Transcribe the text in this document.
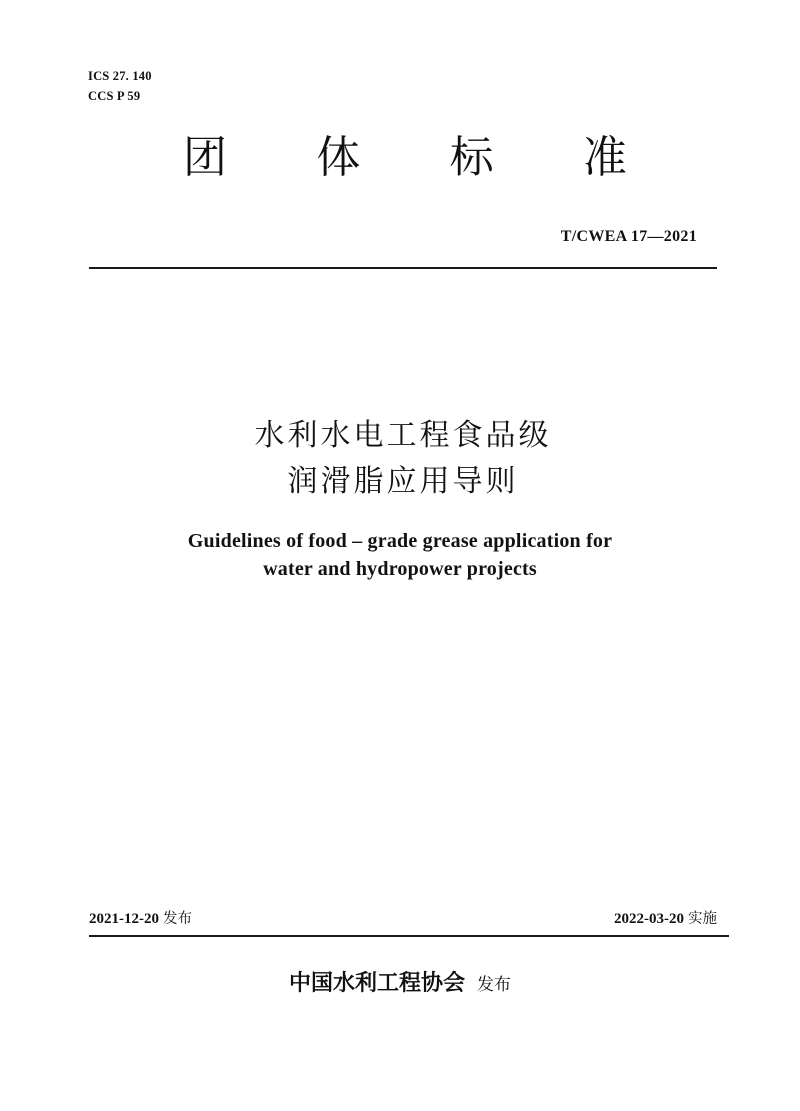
ICS 27. 140
CCS P 59
团 体 标 准
T/CWEA 17—2021
水利水电工程食品级
润滑脂应用导则
Guidelines of food – grade grease application for
water and hydropower projects
2021-12-20 发布	2022-03-20 实施
中国水利工程协会 发布
